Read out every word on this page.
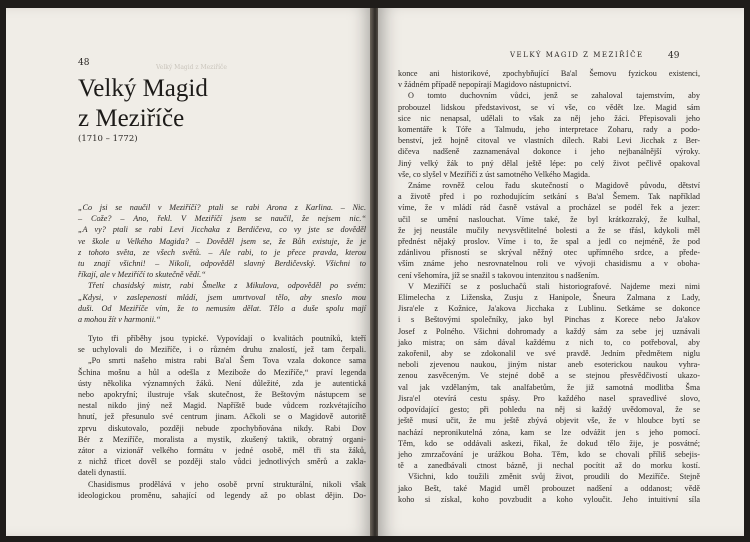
48	Velký Magid z Meziříče
Velký Magid
z Meziříče
(1710 – 1772)

„Co jsi se naučil v Meziříčí? ptali se rabi Arona z Karlina. – Nic.

– Cože? – Ano, řekl. V Meziříčí jsem se naučil, že nejsem nic.“

„A vy? ptali se rabi Levi Jicchaka z Berdičeva, co vy jste se dověděl

ve škole u Velkého Magida? – Dověděl jsem se, že Bůh existuje, že je

z tohoto světa, ze všech světů. – Ale rabi, to je přece pravda, kterou

tu znají všichni! – Nikoli, odpověděl slavný Berdičevský. Všichni to

říkají, ale v Meziříčí to skutečně vědí.“

Třetí chasidský mistr, rabi Šmelke z Mikulova, odpověděl po svém:

„Kdysi, v zaslepenosti mládí, jsem umrtvoval tělo, aby sneslo mou

duši. Od Meziříče vím, že to nemusím dělat. Tělo a duše spolu mají

a mohou žít v harmonii.“

Tyto tři příběhy jsou typické. Vypovídají o kvalitách poutníků, kteří

se uchylovali do Meziříče, i o různém druhu znalostí, jež tam čerpali.

„Po smrti našeho mistra rabi Ba'al Šem Tova vzala dokonce sama

Šchina mošnu a hůl a odešla z Mezibože do Meziříče,“ praví legenda

ústy několika významných žáků. Není důležité, zda je autentická

nebo apokryfní; ilustruje však skutečnost, že Beštovým nástupcem se

nestal nikdo jiný než Magid. Napříště bude vůdcem rozkvétajícího

hnutí, jež přesunulo své centrum jinam. Ačkoli se o Magidově autoritě

zprvu diskutovalo, později nebude zpochybňována nikdy. Rabi Dov

Bér z Meziříče, moralista a mystik, zkušený taktik, obratný organi-

zátor a vizionář velkého formátu v jedné osobě, měl tři sta žáků,

z nichž třicet dověl se později stalo vůdci jednotlivých směrů a zakla-

dateli dynastií.

Chasidismus prodělává v jeho osobě první strukturální, nikoli však

ideologickou proměnu, sahající od legendy až po oblast dějin. Do-

VELKÝ MAGID Z MEZIŘÍČE	49

konce ani historikové, zpochybňující Ba'al Šemovu fyzickou existenci,

v žádném případě nepopírají Magidovo nástupnictví.

O tomto duchovním vůdci, jenž se zahaloval tajemstvím, aby

probouzel lidskou představivost, se ví vše, co vědět lze. Magid sám

sice nic nenapsal, udělali to však za něj jeho žáci. Přepisovali jeho

komentáře k Tóře a Talmudu, jeho interpretace Zoharu, rady a podo-

benství, jež hojně citoval ve vlastních dílech. Rabi Levi Jicchak z Ber-

dičeva nadšeně zaznamenával dokonce i jeho nejbanálnější výroky.

Jiný velký žák to pný dělal ještě lépe: po celý život pečlivě opakoval

vše, co slyšel v Meziříčí z úst samotného Velkého Magida.

Známe rovněž celou řadu skutečností o Magidově původu, dětství

a životě před i po rozhodujícím setkání s Ba'al Šemem. Tak například

víme, že v mládí rád časně vstával a procházel se podél řek a jezer:

učil se umění naslouchat. Víme také, že byl krátkozraký, že kulhal,

že jej neustále mučily nevysvětlitelné bolesti a že se třásl, kdykoli měl

přednést nějaký proslov. Víme i to, že spal a jedl co nejméně, že pod

zdánlivou přísností se skrýval něžný otec upřímného srdce, a přede-

vším známe jeho nesrovnatelnou roli ve vývoji chasidismu a v obohа-

cení všehomíra, jíž se snažil s takovou intenzitou s nadšením.

V Meziříčí se z posluchačů stali historiografové. Najdeme mezi nimi

Elimelecha z Liženska, Zusju z Hanipole, Šneura Zalmana z Lady,

Jisra'ele z Kožnice, Ja'akova Jicchaka z Lublinu. Setkáme se dokonce

i s Beštovými společníky, jako byl Pinchas z Korece nebo Ja'akov

Josef z Polného. Všichni dohromady a každý sám za sebe jej uznávali

jako mistra; on sám dával každému z nich to, co potřeboval, aby

zakořenil, aby se zdokonalil ve své pravdě. Jedním předmětem niglu

neboli zjevenou naukou, jiným nistar aneb esoterickou naukou vyhra-

zenou zasvěceným. Ve stejné době a se stejnou přesvědčivostí ukazo-

val jak vzdělaným, tak analfabetům, že již samotná modlitba Šma

Jisra'el otevírá cestu spásy. Pro každého nasel spravedlivé slovo,

odpovídající gesto; při pohledu na něj si každý uvědomoval, že se

ještě musí učit, že mu ještě zbývá objevit vše, že v hloubce bytí se

nachází nepronikutelná zóna, kam se lze odvážit jen s jeho pomocí.

Těm, kdo se oddávali askezi, říkal, že dokud tělo žije, je posvátné;

jeho zmrzačování je urážkou Boha. Těm, kdo se chovali příliš sebejis-

tě a zanedbávali ctnost bázně, ji nechal pocítit až do morku kostí.

Všichni, kdo toužili změnit svůj život, proudili do Meziříče. Stejně

jako Bešt, také Magid uměl probouzet nadšení a oddanost; vědě

koho si získal, koho povzbudit a koho vyloučit. Jeho intuitivní síla
